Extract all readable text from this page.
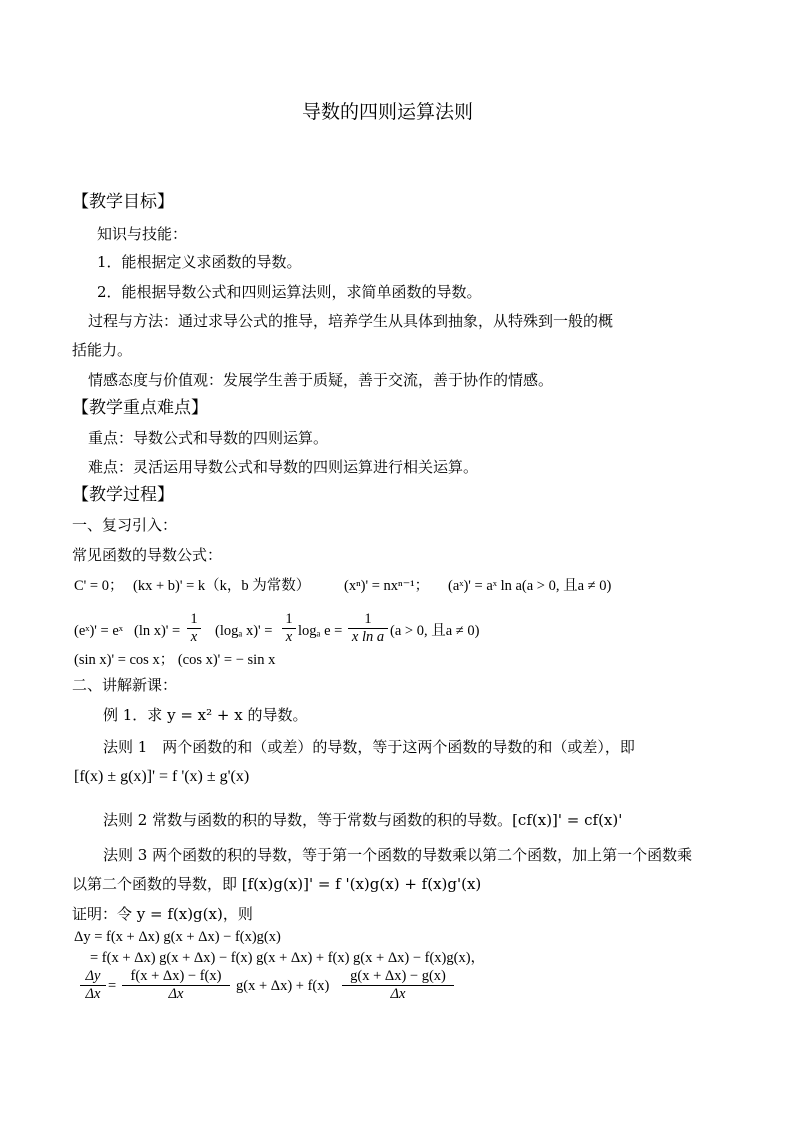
导数的四则运算法则
【教学目标】
知识与技能：
1．能根据定义求函数的导数。
2．能根据导数公式和四则运算法则，求简单函数的导数。
过程与方法：通过求导公式的推导，培养学生从具体到抽象，从特殊到一般的概
括能力。
情感态度与价值观：发展学生善于质疑，善于交流，善于协作的情感。
【教学重点难点】
重点：导数公式和导数的四则运算。
难点：灵活运用导数公式和导数的四则运算进行相关运算。
【教学过程】
一、复习引入：
常见函数的导数公式：
C' = 0； (kx + b)' = k（k，b 为常数） (xⁿ)' = nxⁿ⁻¹； (aˣ)' = aˣ ln a(a > 0, 且a ≠ 0)
(eˣ)' = eˣ (ln $x)' = \frac{1}{x} (\log_a$ $x)' = \frac{1}{x}$ logₐ $e = \frac{1}{\text{x ln a}} (a > 0$, 且a ≠ 0)
(sin x)' = cos x； (cos x)' = − sin x
二、讲解新课：
例 1．求 y = x² + x 的导数。
法则 1　两个函数的和（或差）的导数，等于这两个函数的导数的和（或差），即
[f(x) ± g(x)]' = f '(x) ± g'(x)
法则 2 常数与函数的积的导数，等于常数与函数的积的导数。[cf(x)]' = cf(x)'
法则 3 两个函数的积的导数，等于第一个函数的导数乘以第二个函数，加上第一个函数乘
以第二个函数的导数，即 [f(x)g(x)]' = f '(x)g(x) + f(x)g'(x)
证明：令 y = f(x)g(x)，则
Δy = f(x + Δx) g(x + Δx) − f(x)g(x)
= f(x + Δx) g(x + Δx) − f(x) g(x + Δx) + f(x) g(x + Δx) − f(x)g(x)，
$\frac{\Delta y}{\Delta x} = \frac{f(x + \Delta x) - f(x)}{\Delta x} g(x + \Delta x) + f(x) \frac{g(x + \Delta x) - g(x)}{\Delta x}$
